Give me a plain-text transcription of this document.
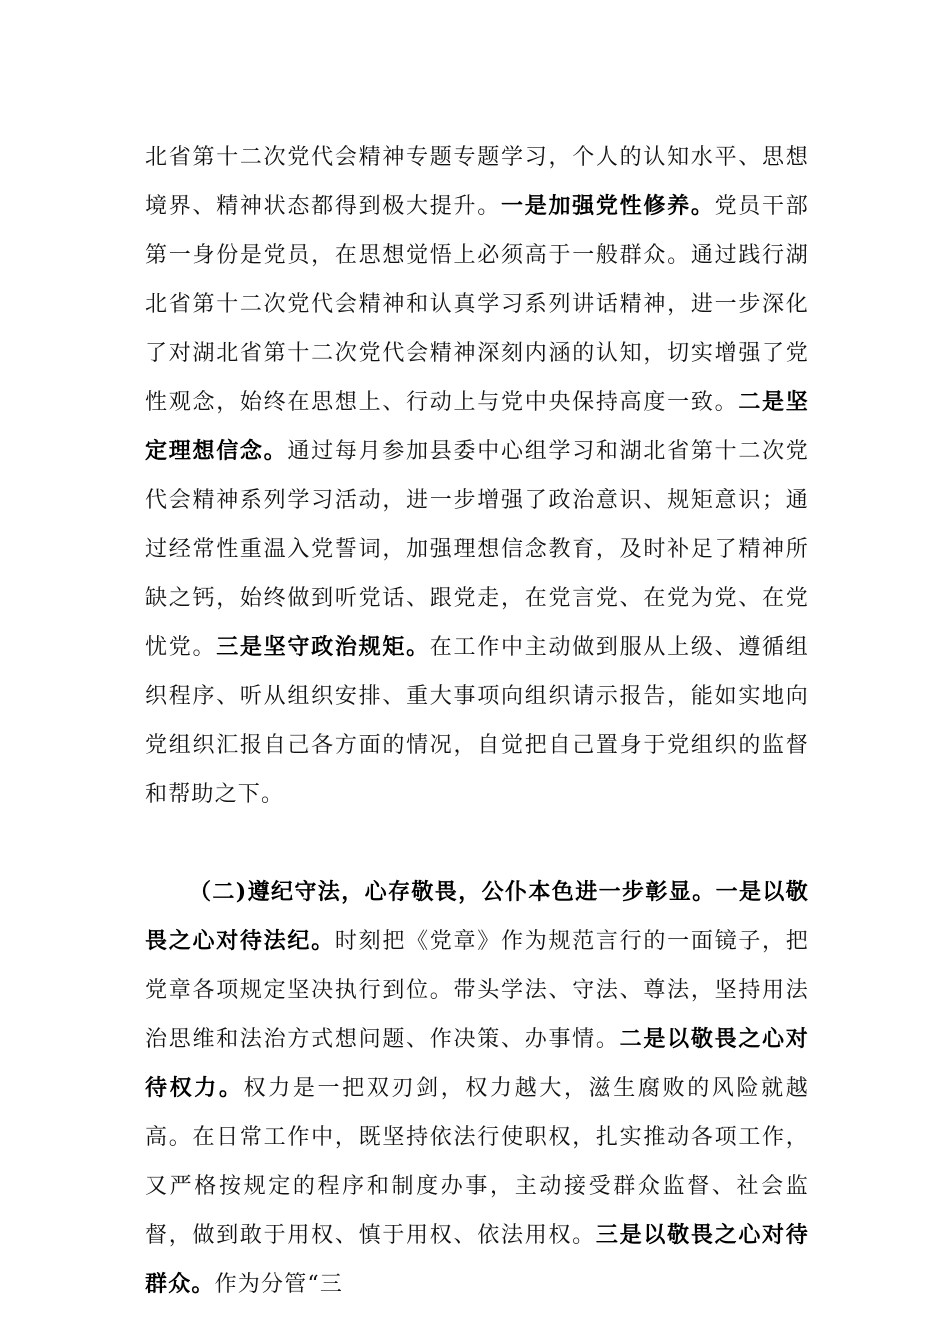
北省第十二次党代会精神专题专题学习，个人的认知水平、思想境界、精神状态都得到极大提升。一是加强党性修养。党员干部第一身份是党员，在思想觉悟上必须高于一般群众。通过践行湖北省第十二次党代会精神和认真学习系列讲话精神，进一步深化了对湖北省第十二次党代会精神深刻内涵的认知，切实增强了党性观念，始终在思想上、行动上与党中央保持高度一致。二是坚定理想信念。通过每月参加县委中心组学习和湖北省第十二次党代会精神系列学习活动，进一步增强了政治意识、规矩意识；通过经常性重温入党誓词，加强理想信念教育，及时补足了精神所缺之钙，始终做到听党话、跟党走，在党言党、在党为党、在党忧党。三是坚守政治规矩。在工作中主动做到服从上级、遵循组织程序、听从组织安排、重大事项向组织请示报告，能如实地向党组织汇报自己各方面的情况，自觉把自己置身于党组织的监督和帮助之下。

（二)遵纪守法，心存敬畏，公仆本色进一步彰显。一是以敬畏之心对待法纪。时刻把《党章》作为规范言行的一面镜子，把党章各项规定坚决执行到位。带头学法、守法、尊法，坚持用法治思维和法治方式想问题、作决策、办事情。二是以敬畏之心对待权力。权力是一把双刃剑，权力越大，滋生腐败的风险就越高。在日常工作中，既坚持依法行使职权，扎实推动各项工作，又严格按规定的程序和制度办事，主动接受群众监督、社会监督，做到敢于用权、慎于用权、依法用权。三是以敬畏之心对待群众。作为分管“三
